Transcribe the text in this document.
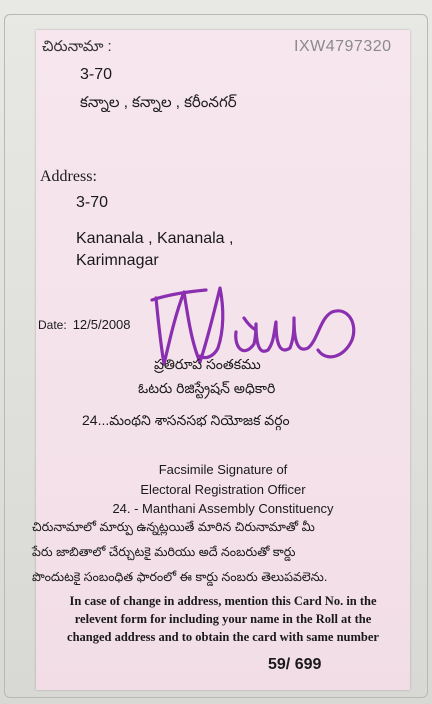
చిరునామా :	IXW4797320
3-70
కన్నాల , కన్నాల , కరీంనగర్
Address:
3-70
Kananala , Kananala ,
Karimnagar
Date: 12/5/2008
ప్రతిరూప సంతకము
ఓటరు రిజిస్ట్రేషన్ అధికారి
24...మంథని శాసనసభ నియోజక వర్గం
Facsimile Signature of
Electoral Registration Officer
24. - Manthani Assembly Constituency
చిరునామాలో మార్పు ఉన్నట్లయితే మారిన చిరునామాతో మీ
పేరు జాబితాలో చేర్చుటకై మరియు అదే నంబరుతో కార్డు
పొందుటకై సంబంధిత ఫారంలో ఈ కార్డు నంబరు తెలుపవలెను.
In case of change in address, mention this Card No. in the
relevent form for including your name in the Roll at the
changed address and to obtain the card with same number
59/ 699
